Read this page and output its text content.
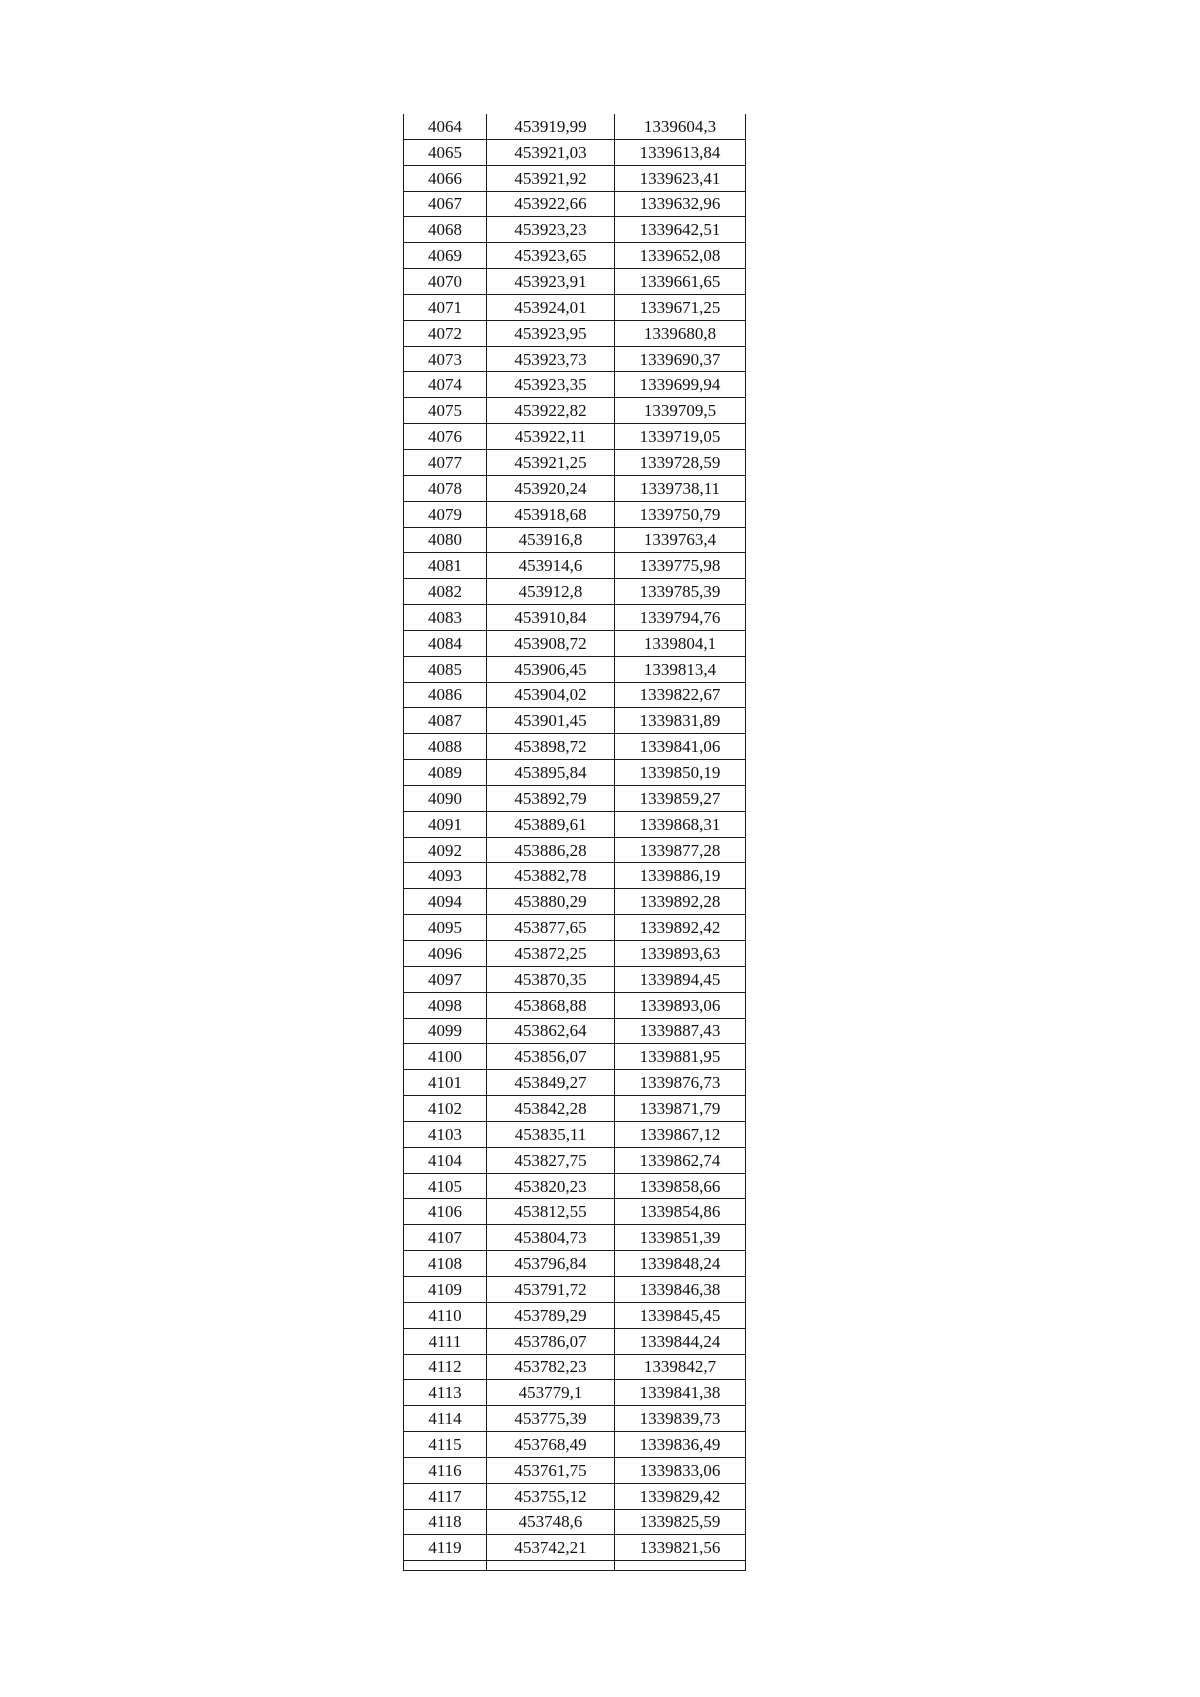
4064	453919,99	1339604,3
4065	453921,03	1339613,84
4066	453921,92	1339623,41
4067	453922,66	1339632,96
4068	453923,23	1339642,51
4069	453923,65	1339652,08
4070	453923,91	1339661,65
4071	453924,01	1339671,25
4072	453923,95	1339680,8
4073	453923,73	1339690,37
4074	453923,35	1339699,94
4075	453922,82	1339709,5
4076	453922,11	1339719,05
4077	453921,25	1339728,59
4078	453920,24	1339738,11
4079	453918,68	1339750,79
4080	453916,8	1339763,4
4081	453914,6	1339775,98
4082	453912,8	1339785,39
4083	453910,84	1339794,76
4084	453908,72	1339804,1
4085	453906,45	1339813,4
4086	453904,02	1339822,67
4087	453901,45	1339831,89
4088	453898,72	1339841,06
4089	453895,84	1339850,19
4090	453892,79	1339859,27
4091	453889,61	1339868,31
4092	453886,28	1339877,28
4093	453882,78	1339886,19
4094	453880,29	1339892,28
4095	453877,65	1339892,42
4096	453872,25	1339893,63
4097	453870,35	1339894,45
4098	453868,88	1339893,06
4099	453862,64	1339887,43
4100	453856,07	1339881,95
4101	453849,27	1339876,73
4102	453842,28	1339871,79
4103	453835,11	1339867,12
4104	453827,75	1339862,74
4105	453820,23	1339858,66
4106	453812,55	1339854,86
4107	453804,73	1339851,39
4108	453796,84	1339848,24
4109	453791,72	1339846,38
4110	453789,29	1339845,45
4111	453786,07	1339844,24
4112	453782,23	1339842,7
4113	453779,1	1339841,38
4114	453775,39	1339839,73
4115	453768,49	1339836,49
4116	453761,75	1339833,06
4117	453755,12	1339829,42
4118	453748,6	1339825,59
4119	453742,21	1339821,56
